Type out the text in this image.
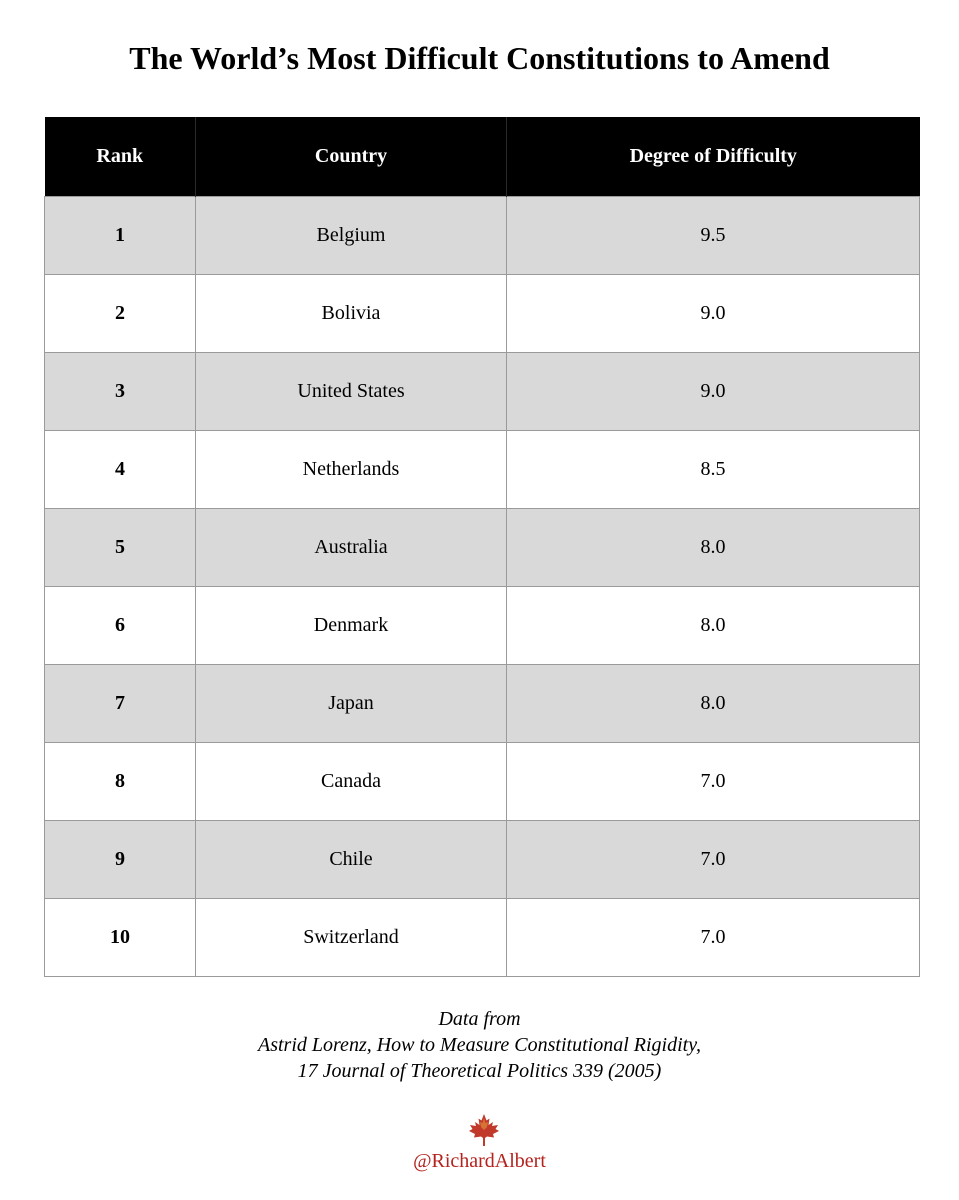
The World’s Most Difficult Constitutions to Amend
Rank	Country	Degree of Difficulty
1	Belgium	9.5
2	Bolivia	9.0
3	United States	9.0
4	Netherlands	8.5
5	Australia	8.0
6	Denmark	8.0
7	Japan	8.0
8	Canada	7.0
9	Chile	7.0
10	Switzerland	7.0
Data from
Astrid Lorenz, How to Measure Constitutional Rigidity,
17 Journal of Theoretical Politics 339 (2005)
@RichardAlbert
